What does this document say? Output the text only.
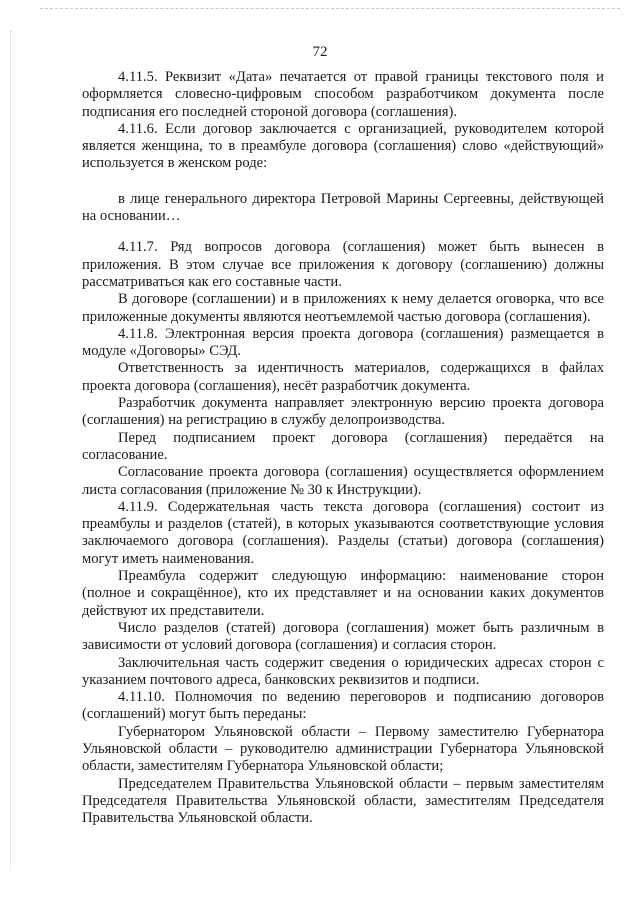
72

4.11.5. Реквизит «Дата» печатается от правой границы текстового поля и оформляется словесно-цифровым способом разработчиком документа после подписания его последней стороной договора (соглашения).

4.11.6. Если договор заключается с организацией, руководителем которой является женщина, то в преамбуле договора (соглашения) слово «действующий» используется в женском роде:

в лице генерального директора Петровой Марины Сергеевны, действующей на основании…

4.11.7. Ряд вопросов договора (соглашения) может быть вынесен в приложения. В этом случае все приложения к договору (соглашению) должны рассматриваться как его составные части.

В договоре (соглашении) и в приложениях к нему делается оговорка, что все приложенные документы являются неотъемлемой частью договора (соглашения).

4.11.8. Электронная версия проекта договора (соглашения) размещается в модуле «Договоры» СЭД.

Ответственность за идентичность материалов, содержащихся в файлах проекта договора (соглашения), несёт разработчик документа.

Разработчик документа направляет электронную версию проекта договора (соглашения) на регистрацию в службу делопроизводства.

Перед подписанием проект договора (соглашения) передаётся на согласование.

Согласование проекта договора (соглашения) осуществляется оформлением листа согласования (приложение № 30 к Инструкции).

4.11.9. Содержательная часть текста договора (соглашения) состоит из преамбулы и разделов (статей), в которых указываются соответствующие условия заключаемого договора (соглашения). Разделы (статьи) договора (соглашения) могут иметь наименования.

Преамбула содержит следующую информацию: наименование сторон (полное и сокращённое), кто их представляет и на основании каких документов действуют их представители.

Число разделов (статей) договора (соглашения) может быть различным в зависимости от условий договора (соглашения) и согласия сторон.

Заключительная часть содержит сведения о юридических адресах сторон с указанием почтового адреса, банковских реквизитов и подписи.

4.11.10. Полномочия по ведению переговоров и подписанию договоров (соглашений) могут быть переданы:

Губернатором Ульяновской области – Первому заместителю Губернатора Ульяновской области – руководителю администрации Губернатора Ульяновской области, заместителям Губернатора Ульяновской области;

Председателем Правительства Ульяновской области – первым заместителям Председателя Правительства Ульяновской области, заместителям Председателя Правительства Ульяновской области.
